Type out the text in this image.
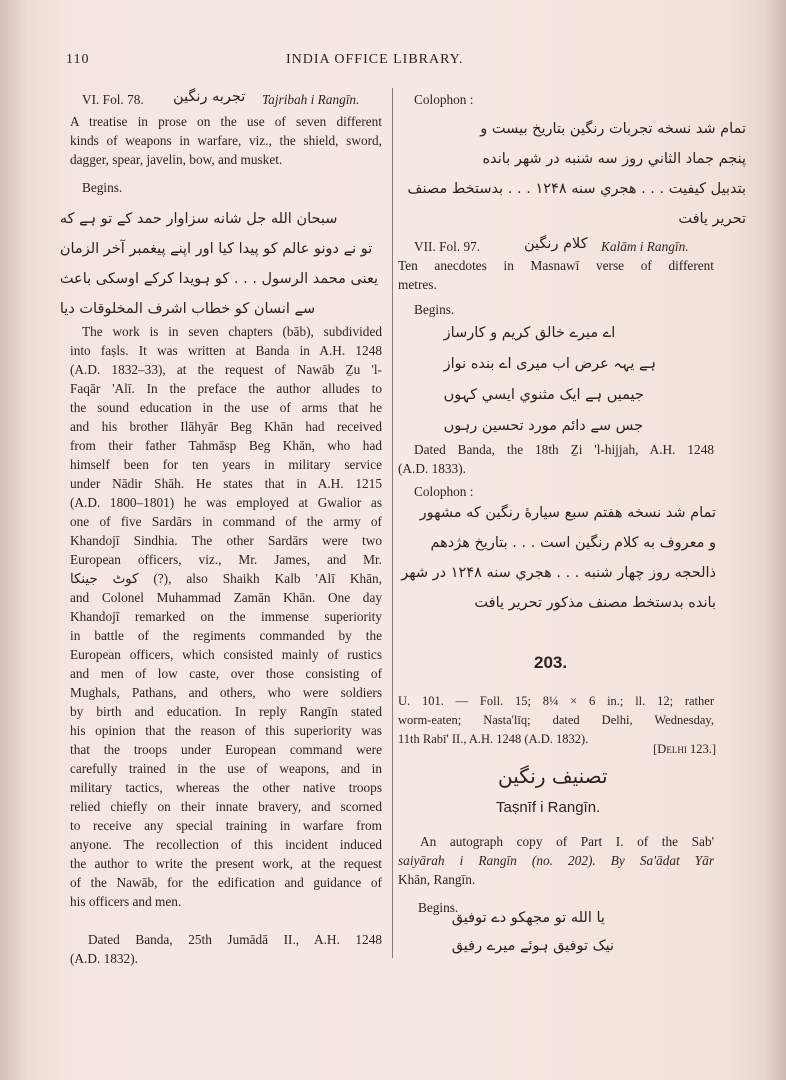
110	INDIA OFFICE LIBRARY.
VI. Fol. 78. تجربه رنگین Tajribah i Rangīn.
A treatise in prose on the use of seven different
kinds of weapons in warfare, viz., the shield, sword,
dagger, spear, javelin, bow, and musket.
Begins.
سبحان الله جل شانه سزاوار حمد کے تو ہے که
تو نے دونو عالم کو پیدا کیا اور اپنے پیغمبر آخر الزمان
یعنی محمد الرسول . . . کو ہویدا کرکے اوسکی باعث
سے انسان کو خطاب اشرف المخلوقات دیا
The work is in seven chapters (bāb), subdivided
into faṣls. It was written at Banda in A.H. 1248
(A.D. 1832–33), at the request of Nawāb Ẕu 'l-
Faqār 'Alī. In the preface the author alludes to
the sound education in the use of arms that he
and his brother Ilāhyār Beg Khān had received
from their father Tahmāsp Beg Khān, who had
himself been for ten years in military service
under Nādir Shāh. He states that in A.H. 1215
(A.D. 1800–1801) he was employed at Gwalior as
one of five Sardārs in command of the army of
Khandojī Sindhia. The other Sardārs were two
European officers, viz., Mr. James, and Mr.
کوٹ جینکا (?), also Shaikh Kalb 'Alī Khān,
and Colonel Muhammad Zamān Khān. One day
Khandojī remarked on the immense superiority
in battle of the regiments commanded by the
European officers, which consisted mainly of rustics
and men of low caste, over those consisting of
Mughals, Pathans, and others, who were soldiers
by birth and education. In reply Rangīn stated
his opinion that the reason of this superiority was
that the troops under European command were
carefully trained in the use of weapons, and in
military tactics, whereas the other native troops
relied chiefly on their innate bravery, and scorned
to receive any special training in warfare from
anyone. The recollection of this incident induced
the author to write the present work, at the request
of the Nawāb, for the edification and guidance of
his officers and men.
Dated Banda, 25th Jumādā II., A.H. 1248
(A.D. 1832).
Colophon :
تمام شد نسخه تجربات رنگین بتاریخ بیست و
پنجم جماد الثاني روز سه شنبه در شهر بانده
بتدبیل کیفیت . . . هجري سنه ۱۲۴۸ . . . بدستخط مصنف
تحریر یافت
VII. Fol. 97.	کلام رنگین Kalām i Rangīn.
Ten anecdotes in Masnawī verse of different
metres.
Begins.
اے میرے خالق کریم و کارساز
ہے یہہ عرض اب میری اے بنده نواز
جیمیں ہے ایک مثنوي ایسي کہوں
جس سے دائم مورد تحسین رہوں
Dated Banda, the 18th Ẕi 'l-hijjah, A.H. 1248
(A.D. 1833).
Colophon :
تمام شد نسخه هفتم سبع سیارهٔ رنگین که مشهور
و معروف به کلام رنگین است . . . بتاریخ هژدهم
ذالحجه روز چهار شنبه . . . هجري سنه ۱۲۴۸ در شهر
بانده بدستخط مصنف مذکور تحریر یافت
203.
U. 101. — Foll. 15; 8¼ × 6 in.; ll. 12; rather
worm-eaten; Nasta'līq; dated Delhi, Wednesday,
11th Rabī' II., A.H. 1248 (A.D. 1832).
[Delhi 123.]
تصنیف رنگین
Taṣnīf i Rangīn.
An autograph copy of Part I. of the Sab'
saiyārah i Rangīn (no. 202). By Sa'ādat Yār
Khān, Rangīn.
Begins.
یا الله تو مجھکو دے توفیق
نیک توفیق ہوئے میرے رفیق
